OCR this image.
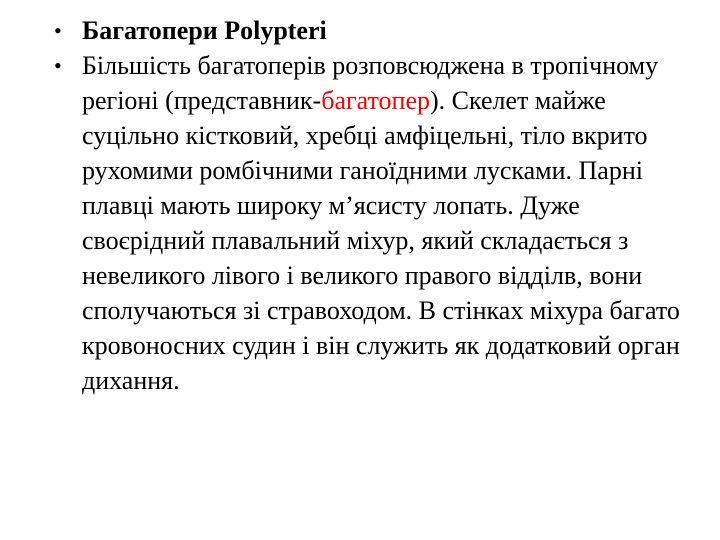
• Багатопери Polypteri
• Більшість багатоперів розповсюджена в тропічному регіоні (представник-багатопер). Скелет майже суцільно кістковий, хребці амфіцельні, тіло вкрито рухомими ромбічними ганоїдними лусками. Парні плавці мають широку м’ясисту лопать. Дуже своєрідний плавальний міхур, який складається з невеликого лівого і великого правого відділв, вони сполучаються зі стравоходом. В стінках міхура багато кровоносних судин і він служить як додатковий орган дихання.
